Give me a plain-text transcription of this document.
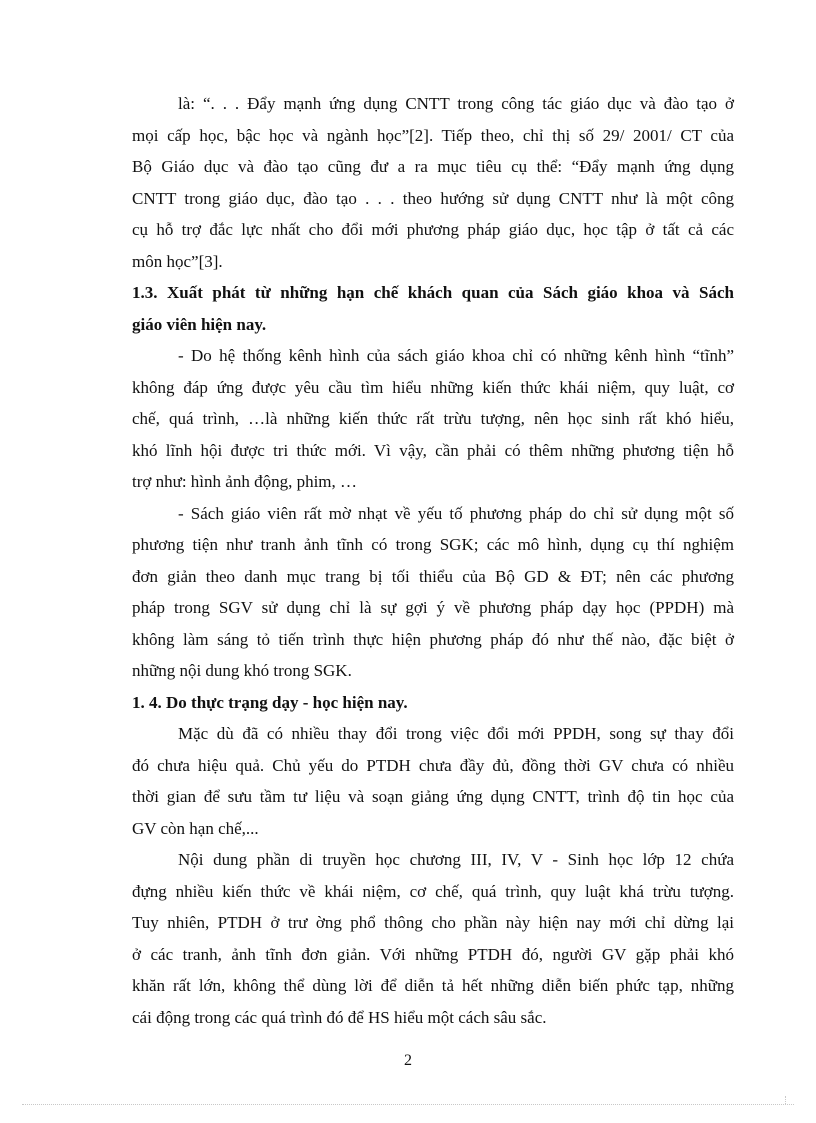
là: “. . . Đẩy mạnh ứng dụng CNTT trong công tác giáo dục và đào tạo ở
mọi cấp học, bậc học và ngành học”[2]. Tiếp theo, chỉ thị số 29/ 2001/ CT của
Bộ Giáo dục và đào tạo cũng đư a ra mục tiêu cụ thể: “Đẩy mạnh ứng dụng
CNTT trong giáo dục, đào tạo . . . theo hướng sử dụng CNTT như là một công
cụ hỗ trợ đắc lực nhất cho đổi mới phương pháp giáo dục, học tập ở tất cả các
môn học”[3].
1.3. Xuất phát từ những hạn chế khách quan của Sách giáo khoa và Sách
giáo viên hiện nay.
- Do hệ thống kênh hình của sách giáo khoa chỉ có những kênh hình “tĩnh”
không đáp ứng được yêu cầu tìm hiểu những kiến thức khái niệm, quy luật, cơ
chế, quá trình, …là những kiến thức rất trừu tượng, nên học sinh rất khó hiểu,
khó lĩnh hội được tri thức mới. Vì vậy, cần phải có thêm những phương tiện hỗ
trợ như: hình ảnh động, phim, …
- Sách giáo viên rất mờ nhạt về yếu tố phương pháp do chỉ sử dụng một số
phương tiện như tranh ảnh tĩnh có trong SGK; các mô hình, dụng cụ thí nghiệm
đơn giản theo danh mục trang bị tối thiểu của Bộ GD & ĐT; nên các phương
pháp trong SGV sử dụng chỉ là sự gợi ý về phương pháp dạy học (PPDH) mà
không làm sáng tỏ tiến trình thực hiện phương pháp đó như thế nào, đặc biệt ở
những nội dung khó trong SGK.
1. 4. Do thực trạng dạy - học hiện nay.
Mặc dù đã có nhiều thay đổi trong việc đổi mới PPDH, song sự thay đổi
đó chưa hiệu quả. Chủ yếu do PTDH chưa đầy đủ, đồng thời GV chưa có nhiều
thời gian để sưu tầm tư liệu và soạn giảng ứng dụng CNTT, trình độ tin học của
GV còn hạn chế,...
Nội dung phần di truyền học chương III, IV, V - Sinh học lớp 12 chứa
đựng nhiều kiến thức về khái niệm, cơ chế, quá trình, quy luật khá trừu tượng.
Tuy nhiên, PTDH ở trư ờng phổ thông cho phần này hiện nay mới chỉ dừng lại
ở các tranh, ảnh tĩnh đơn giản. Với những PTDH đó, người GV gặp phải khó
khăn rất lớn, không thể dùng lời để diễn tả hết những diễn biến phức tạp, những
cái động trong các quá trình đó để HS hiểu một cách sâu sắc.
2
